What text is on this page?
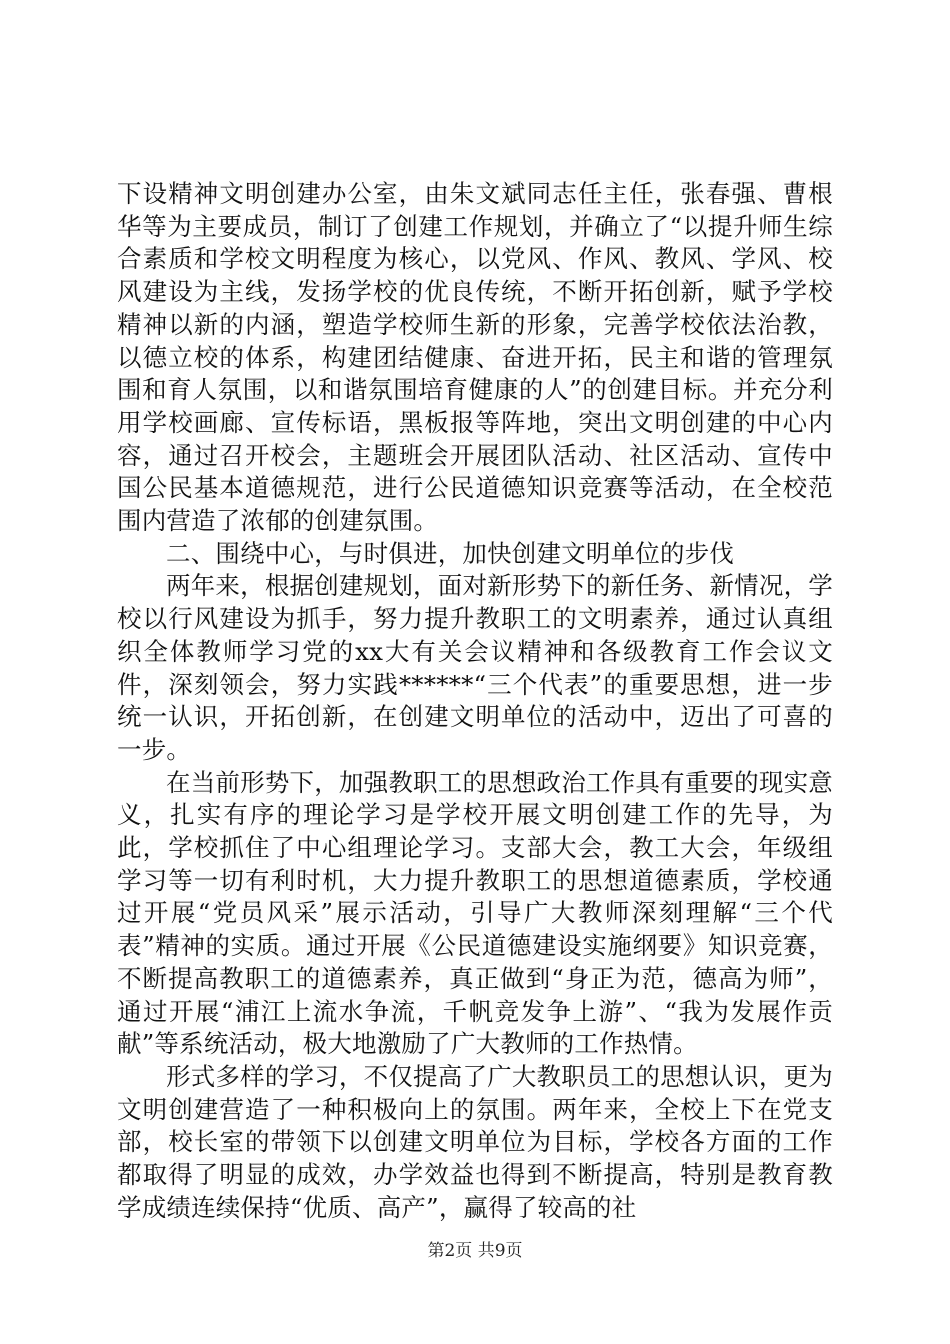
下设精神文明创建办公室，由朱文斌同志任主任，张春强、曹根华等为主要成员，制订了创建工作规划，并确立了“以提升师生综合素质和学校文明程度为核心，以党风、作风、教风、学风、校风建设为主线，发扬学校的优良传统，不断开拓创新，赋予学校精神以新的内涵，塑造学校师生新的形象，完善学校依法治教，以德立校的体系，构建团结健康、奋进开拓，民主和谐的管理氛围和育人氛围，以和谐氛围培育健康的人”的创建目标。并充分利用学校画廊、宣传标语，黑板报等阵地，突出文明创建的中心内容，通过召开校会，主题班会开展团队活动、社区活动、宣传中国公民基本道德规范，进行公民道德知识竞赛等活动，在全校范围内营造了浓郁的创建氛围。

二、围绕中心，与时俱进，加快创建文明单位的步伐

两年来，根据创建规划，面对新形势下的新任务、新情况，学校以行风建设为抓手，努力提升教职工的文明素养，通过认真组织全体教师学习党的xx大有关会议精神和各级教育工作会议文件，深刻领会，努力实践******“三个代表”的重要思想，进一步统一认识，开拓创新，在创建文明单位的活动中，迈出了可喜的一步。

在当前形势下，加强教职工的思想政治工作具有重要的现实意义，扎实有序的理论学习是学校开展文明创建工作的先导，为此，学校抓住了中心组理论学习。支部大会，教工大会，年级组学习等一切有利时机，大力提升教职工的思想道德素质，学校通过开展“党员风采”展示活动，引导广大教师深刻理解“三个代表”精神的实质。通过开展《公民道德建设实施纲要》知识竞赛，不断提高教职工的道德素养，真正做到“身正为范，德高为师”，通过开展“浦江上流水争流，千帆竞发争上游”、“我为发展作贡献”等系统活动，极大地激励了广大教师的工作热情。

形式多样的学习，不仅提高了广大教职员工的思想认识，更为文明创建营造了一种积极向上的氛围。两年来，全校上下在党支部，校长室的带领下以创建文明单位为目标，学校各方面的工作都取得了明显的成效，办学效益也得到不断提高，特别是教育教学成绩连续保持“优质、高产”，赢得了较高的社

第2页 共9页
